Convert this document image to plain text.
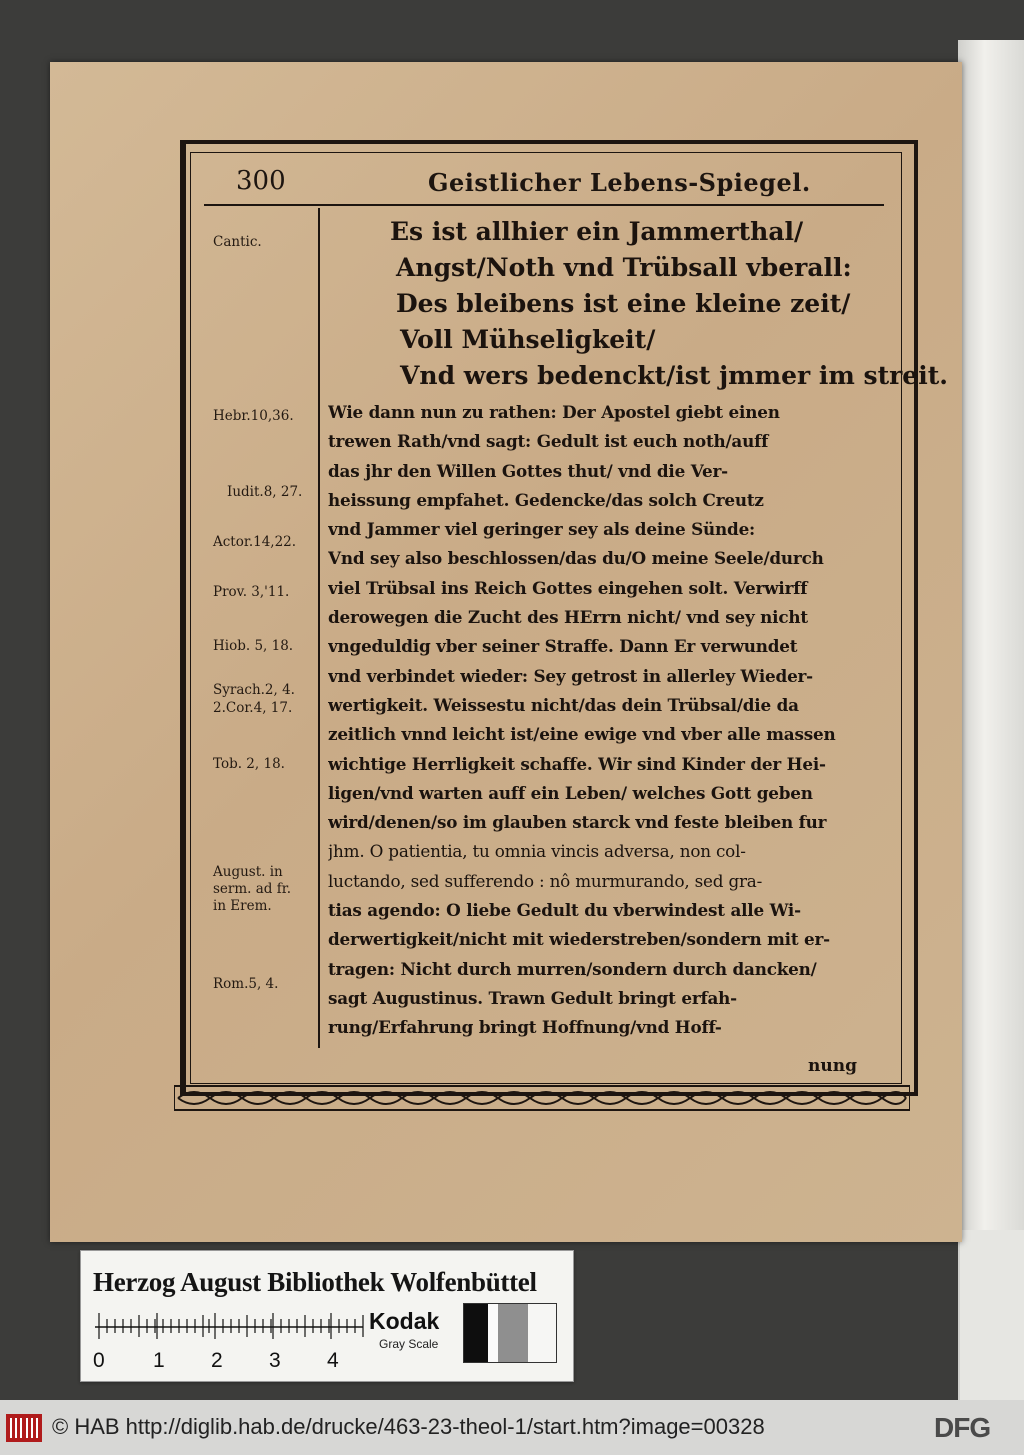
300	Geistlicher Lebens-Spiegel.
Cantic.
Hebr.10,36.
Iudit.8, 27.
Actor.14,22.
Prov. 3,'11.
Hiob. 5, 18.
Syrach.2, 4.
2.Cor.4, 17.
Tob. 2, 18.
August. in
serm. ad fr.
in Erem.
Rom.5, 4.
Es ist allhier ein Jammerthal/
Angst/Noth vnd Trübsall vberall:
Des bleibens ist eine kleine zeit/
Voll Mühseligkeit/
Vnd wers bedenckt/ist jmmer im streit.
Wie dann nun zu rathen: Der Apostel giebt einen
trewen Rath/vnd sagt: Gedult ist euch noth/auff
das jhr den Willen Gottes thut/ vnd die Ver-
heissung empfahet. Gedencke/das solch Creutz
vnd Jammer viel geringer sey als deine Sünde:
Vnd sey also beschlossen/das du/O meine Seele/durch
viel Trübsal ins Reich Gottes eingehen solt. Verwirff
derowegen die Zucht des HErrn nicht/ vnd sey nicht
vngeduldig vber seiner Straffe. Dann Er verwundet
vnd verbindet wieder: Sey getrost in allerley Wieder-
wertigkeit. Weissestu nicht/das dein Trübsal/die da
zeitlich vnnd leicht ist/eine ewige vnd vber alle massen
wichtige Herrligkeit schaffe. Wir sind Kinder der Hei-
ligen/vnd warten auff ein Leben/ welches Gott geben
wird/denen/so im glauben starck vnd feste bleiben fur
jhm. O patientia, tu omnia vincis adversa, non col-
luctando, sed sufferendo : nô murmurando, sed gra-
tias agendo: O liebe Gedult du vberwindest alle Wi-
derwertigkeit/nicht mit wiederstreben/sondern mit er-
tragen: Nicht durch murren/sondern durch dancken/
sagt Augustinus. Trawn Gedult bringt erfah-
rung/Erfahrung bringt Hoffnung/vnd Hoff-
nung
Herzog August Bibliothek Wolfenbüttel
0 1 2 3 4
Kodak
Gray Scale
© HAB http://diglib.hab.de/drucke/463-23-theol-1/start.htm?image=00328	DFG
